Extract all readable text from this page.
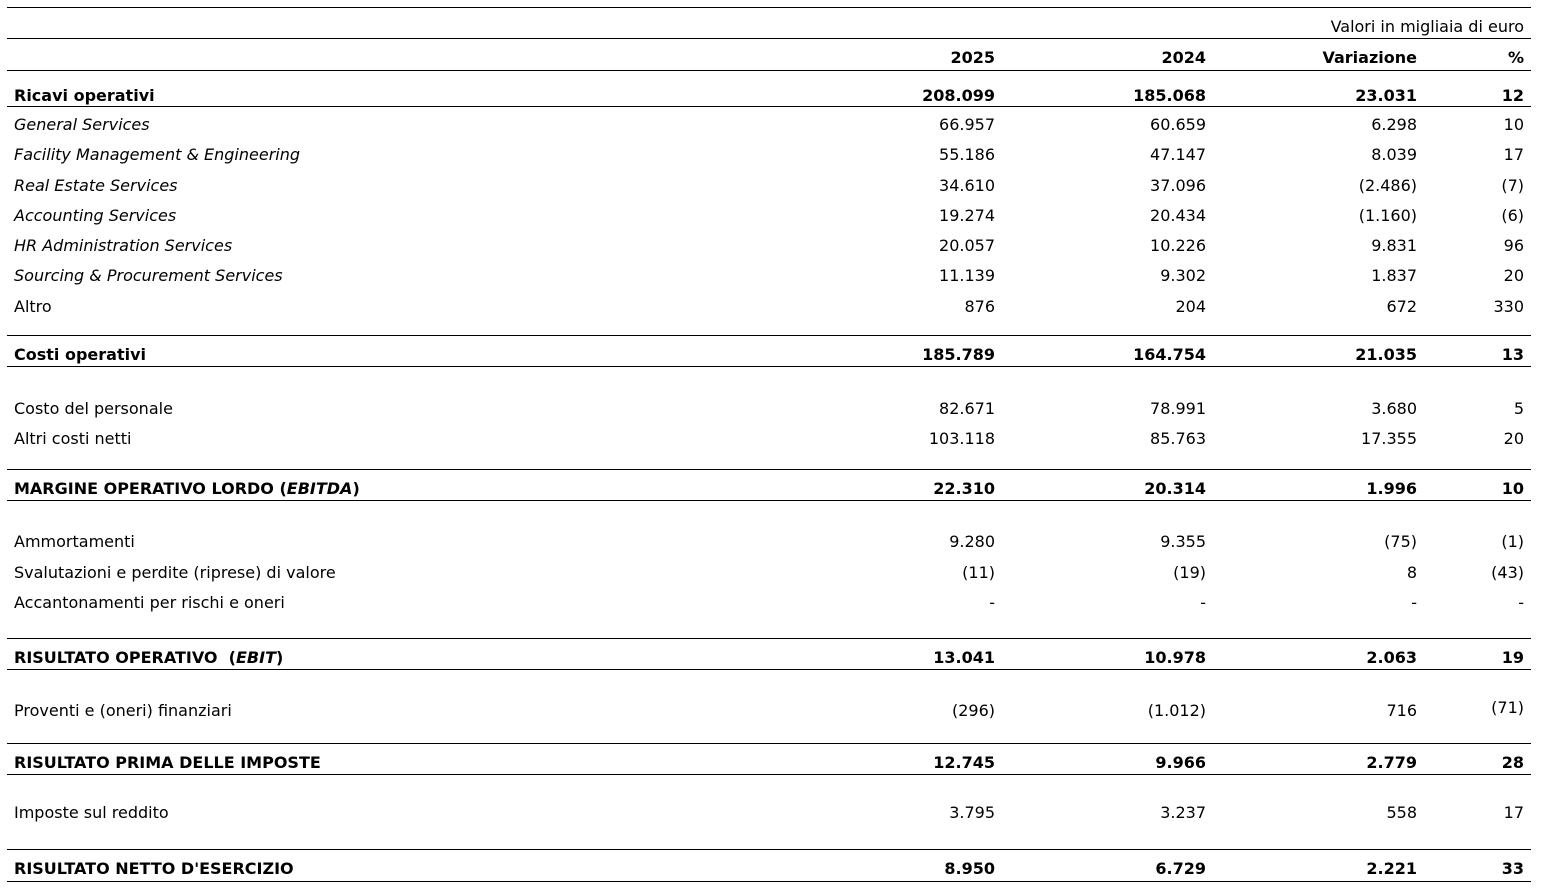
Valori in migliaia di euro
2025	2024	Variazione	%
Ricavi operativi	208.099	185.068	23.031	12
General Services	66.957	60.659	6.298	10
Facility Management & Engineering	55.186	47.147	8.039	17
Real Estate Services	34.610	37.096	(2.486)	(7)
Accounting Services	19.274	20.434	(1.160)	(6)
HR Administration Services	20.057	10.226	9.831	96
Sourcing & Procurement Services	11.139	9.302	1.837	20
Altro	876	204	672	330
Costi operativi	185.789	164.754	21.035	13
Costo del personale	82.671	78.991	3.680	5
Altri costi netti	103.118	85.763	17.355	20
MARGINE OPERATIVO LORDO (EBITDA)	22.310	20.314	1.996	10
Ammortamenti	9.280	9.355	(75)	(1)
Svalutazioni e perdite (riprese) di valore	(11)	(19)	8	(43)
Accantonamenti per rischi e oneri	-	-	-	-
RISULTATO OPERATIVO  (EBIT)	13.041	10.978	2.063	19
Proventi e (oneri) finanziari	(296)	(1.012)	716	(71)
RISULTATO PRIMA DELLE IMPOSTE	12.745	9.966	2.779	28
Imposte sul reddito	3.795	3.237	558	17
RISULTATO NETTO D'ESERCIZIO	8.950	6.729	2.221	33
